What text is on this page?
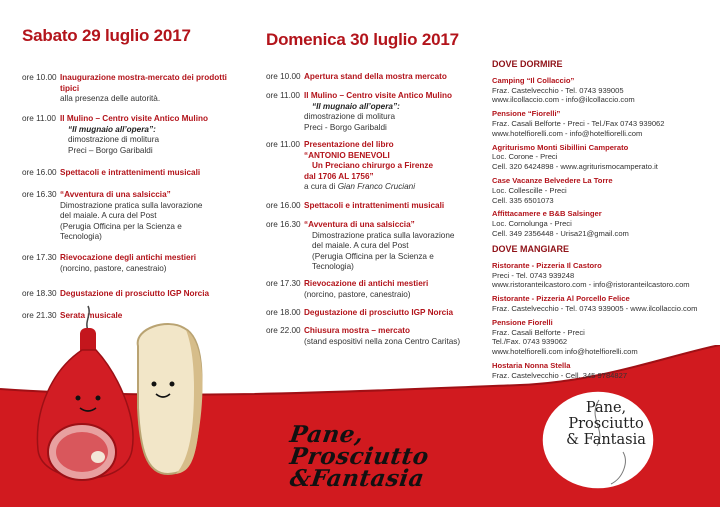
Sabato 29 luglio 2017
ore 10.00 Inaugurazione mostra-mercato dei prodotti tipici
alla presenza delle autorità.
ore 11.00 Il Mulino – Centro visite Antico Mulino
“Il mugnaio all’opera”:
dimostrazione di molitura
Preci – Borgo Garibaldi
ore 16.00 Spettacoli e intrattenimenti musicali
ore 16.30 “Avventura di una salsiccia”
Dimostrazione pratica sulla lavorazione
del maiale. A cura del Post
(Perugia Officina per la Scienza e
Tecnologia)
ore 17.30 Rievocazione degli antichi mestieri
(norcino, pastore, canestraio)
ore 18.30 Degustazione di prosciutto IGP Norcia
ore 21.30 Serata musicale
Domenica 30 luglio 2017
ore 10.00 Apertura stand della mostra mercato
ore 11.00 Il Mulino – Centro visite Antico Mulino
“Il mugnaio all’opera”:
dimostrazione di molitura
Preci - Borgo Garibaldi
ore 11.00 Presentazione del libro
“ANTONIO BENEVOLI
Un Preciano chirurgo a Firenze
dal 1706 AL 1756”
a cura di Gian Franco Cruciani
ore 16.00 Spettacoli e intrattenimenti musicali
ore 16.30 “Avventura di una salsiccia”
Dimostrazione pratica sulla lavorazione
del maiale. A cura del Post
(Perugia Officina per la Scienza e
Tecnologia)
ore 17.30 Rievocazione di antichi mestieri
(norcino, pastore, canestraio)
ore 18.00 Degustazione di prosciutto IGP Norcia
ore 22.00 Chiusura mostra – mercato
(stand espositivi nella zona Centro Caritas)
DOVE DORMIRE
Camping “Il Collaccio”
Fraz. Castelvecchio - Tel. 0743 939005
www.ilcollaccio.com - info@ilcollaccio.com
Pensione “Fiorelli”
Fraz. Casali Belforte - Preci - Tel./Fax 0743 939062
www.hotelfiorelli.com - info@hotelfiorelli.com
Agriturismo Monti Sibillini Camperato
Loc. Corone - Preci
Cell. 320 6424898 - www.agriturismocamperato.it
Case Vacanze Belvedere La Torre
Loc. Collescille - Preci
Cell. 335 6501073
Affittacamere e B&B Salsinger
Loc. Cornolunga - Preci
Cell. 349 2356448 - Urisa21@gmail.com
DOVE MANGIARE
Ristorante - Pizzeria Il Castoro
Preci - Tel. 0743 939248
www.ristoranteilcastoro.com - info@ristoranteilcastoro.com
Ristorante - Pizzeria Al Porcello Felice
Fraz. Castelvecchio - Tel. 0743 939005 - www.ilcollaccio.com
Pensione Fiorelli
Fraz. Casali Belforte - Preci
Tel./Fax. 0743 939062
www.hotelfiorelli.com info@hotelfiorelli.com
Hostaria Nonna Stella
Fraz. Castelvecchio - Cell. 345 9784827
Pane,
Prosciutto
&Fantasia
Pane,
Prosciutto
& Fantasia
